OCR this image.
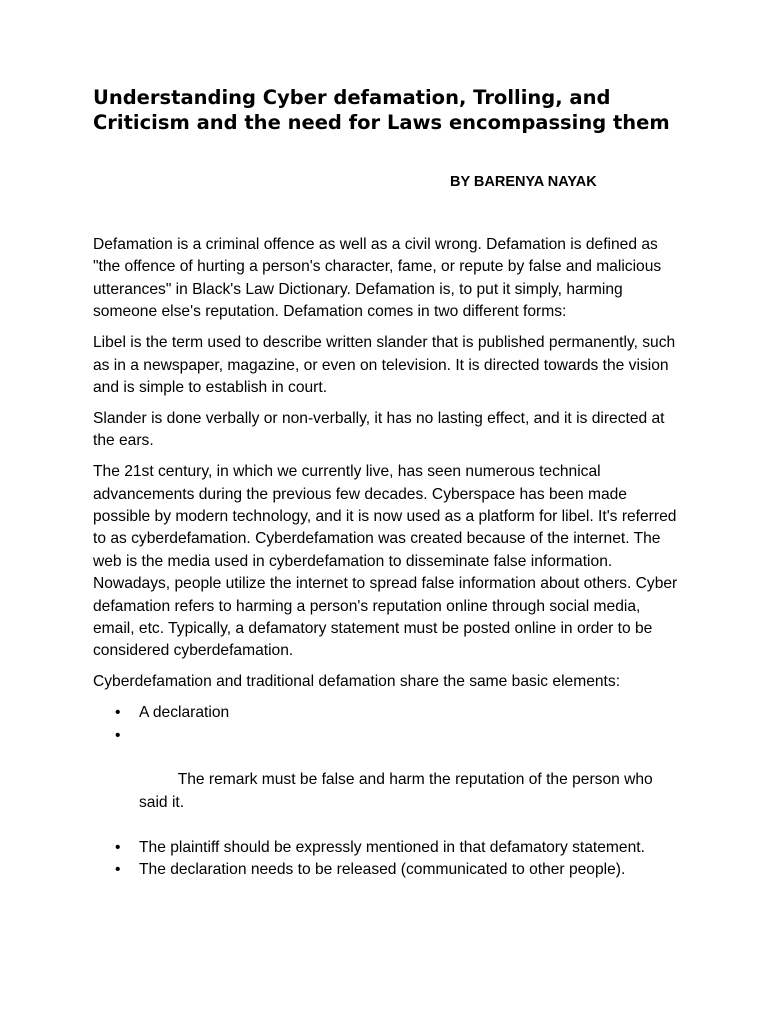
Understanding Cyber defamation, Trolling, and Criticism and the need for Laws encompassing them
BY BARENYA NAYAK

Defamation is a criminal offence as well as a civil wrong. Defamation is defined as "the offence of hurting a person's character, fame, or repute by false and malicious utterances" in Black's Law Dictionary. Defamation is, to put it simply, harming someone else's reputation. Defamation comes in two different forms:

Libel is the term used to describe written slander that is published permanently, such as in a newspaper, magazine, or even on television. It is directed towards the vision and is simple to establish in court.

Slander is done verbally or non-verbally, it has no lasting effect, and it is directed at the ears.

The 21st century, in which we currently live, has seen numerous technical advancements during the previous few decades. Cyberspace has been made possible by modern technology, and it is now used as a platform for libel. It's referred to as cyberdefamation. Cyberdefamation was created because of the internet. The web is the media used in cyberdefamation to disseminate false information. Nowadays, people utilize the internet to spread false information about others. Cyber defamation refers to harming a person's reputation online through social media, email, etc. Typically, a defamatory statement must be posted online in order to be considered cyberdefamation.

Cyberdefamation and traditional defamation share the same basic elements:

• A declaration

•

The remark must be false and harm the reputation of the person who said it.

• The plaintiff should be expressly mentioned in that defamatory statement.
• The declaration needs to be released (communicated to other people).
